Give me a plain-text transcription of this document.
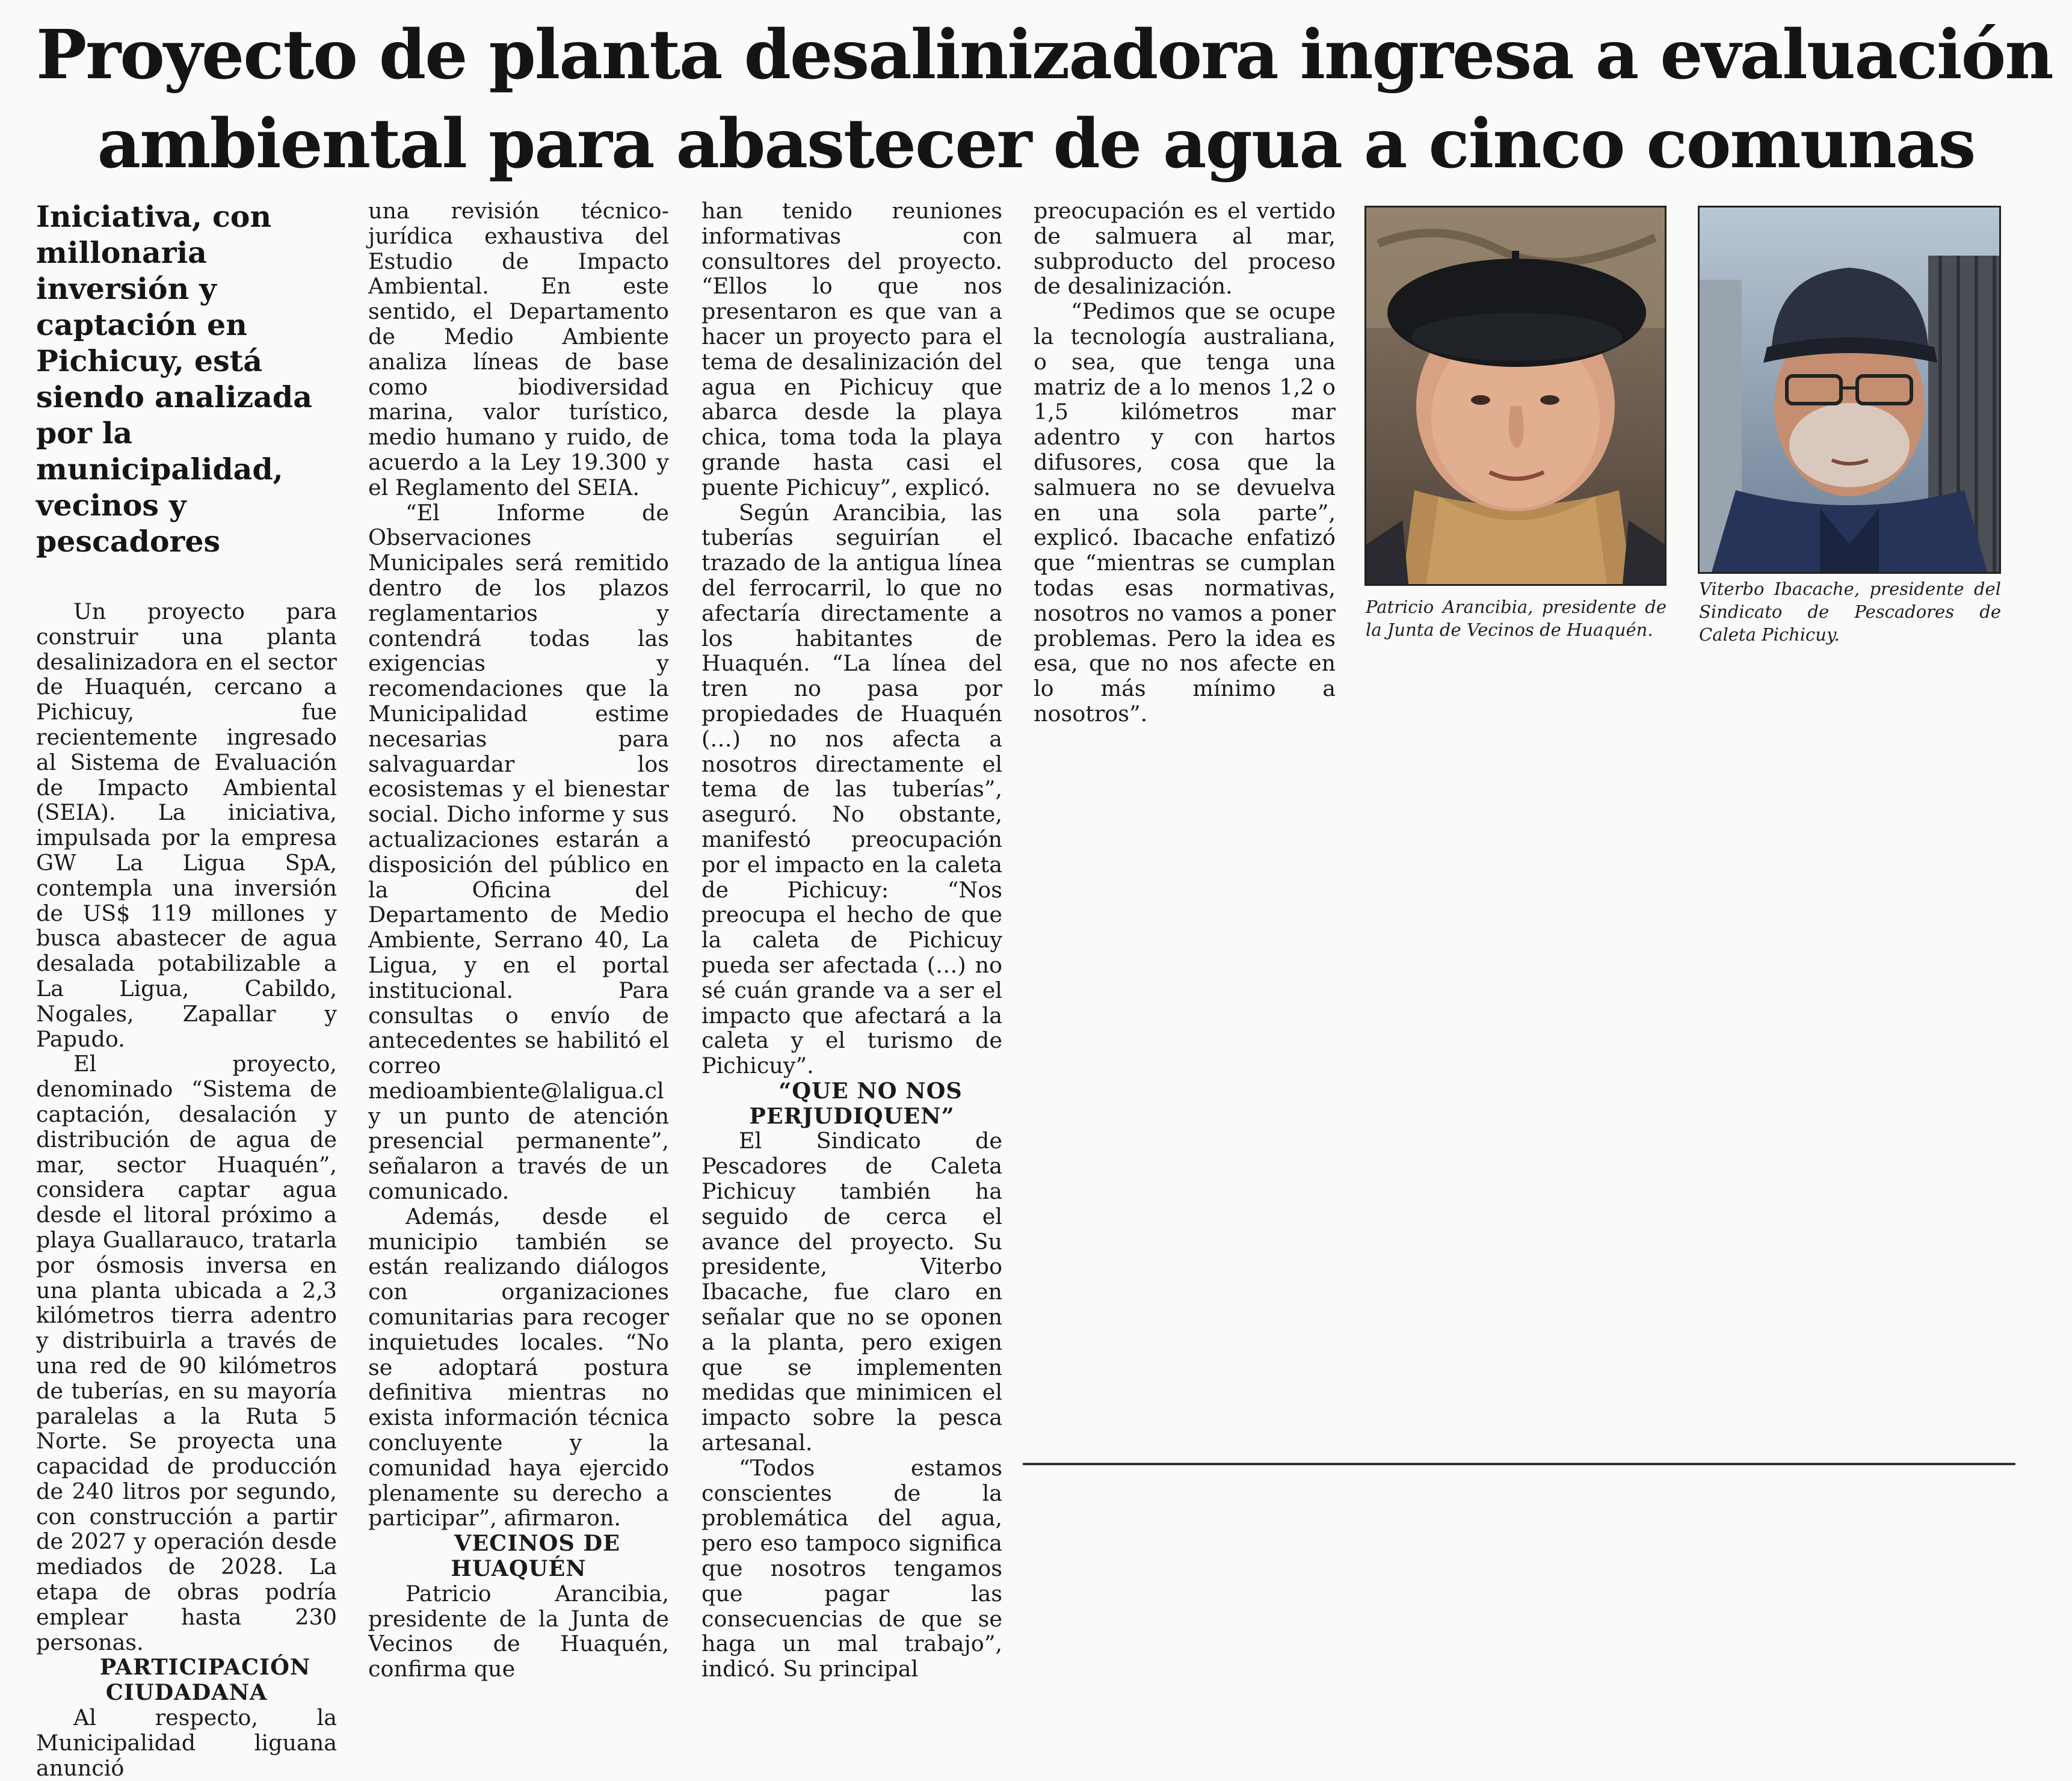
Proyecto de planta desalinizadora ingresa a evaluación
ambiental para abastecer de agua a cinco comunas

Iniciativa, con millonaria inversión y captación en Pichicuy, está siendo analizada por la municipalidad, vecinos y pescadores

Un proyecto para construir una planta desalinizadora en el sector de Huaquén, cercano a Pichicuy, fue recientemente ingresado al Sistema de Evaluación de Impacto Ambiental (SEIA). La iniciativa, impulsada por la empresa GW La Ligua SpA, contempla una inversión de US$ 119 millones y busca abastecer de agua desalada potabilizable a La Ligua, Cabildo, Nogales, Zapallar y Papudo.

El proyecto, denominado “Sistema de captación, desalación y distribución de agua de mar, sector Huaquén”, considera captar agua desde el litoral próximo a playa Guallarauco, tratarla por ósmosis inversa en una planta ubicada a 2,3 kilómetros tierra adentro y distribuirla a través de una red de 90 kilómetros de tuberías, en su mayoría paralelas a la Ruta 5 Norte. Se proyecta una capacidad de producción de 240 litros por segundo, con construcción a partir de 2027 y operación desde mediados de 2028. La etapa de obras podría emplear hasta 230 personas.

PARTICIPACIÓN CIUDADANA

Al respecto, la Municipalidad liguana anunció

una revisión técnico-jurídica exhaustiva del Estudio de Impacto Ambiental. En este sentido, el Departamento de Medio Ambiente analiza líneas de base como biodiversidad marina, valor turístico, medio humano y ruido, de acuerdo a la Ley 19.300 y el Reglamento del SEIA.

“El Informe de Observaciones Municipales será remitido dentro de los plazos reglamentarios y contendrá todas las exigencias y recomendaciones que la Municipalidad estime necesarias para salvaguardar los ecosistemas y el bienestar social. Dicho informe y sus actualizaciones estarán a disposición del público en la Oficina del Departamento de Medio Ambiente, Serrano 40, La Ligua, y en el portal institucional. Para consultas o envío de antecedentes se habilitó el correo medioambiente@laligua.cl y un punto de atención presencial permanente”, señalaron a través de un comunicado.

Además, desde el municipio también se están realizando diálogos con organizaciones comunitarias para recoger inquietudes locales. “No se adoptará postura definitiva mientras no exista información técnica concluyente y la comunidad haya ejercido plenamente su derecho a participar”, afirmaron.

VECINOS DE HUAQUÉN

Patricio Arancibia, presidente de la Junta de Vecinos de Huaquén, confirma que

han tenido reuniones informativas con consultores del proyecto. “Ellos lo que nos presentaron es que van a hacer un proyecto para el tema de desalinización del agua en Pichicuy que abarca desde la playa chica, toma toda la playa grande hasta casi el puente Pichicuy”, explicó.

Según Arancibia, las tuberías seguirían el trazado de la antigua línea del ferrocarril, lo que no afectaría directamente a los habitantes de Huaquén. “La línea del tren no pasa por propiedades de Huaquén (…) no nos afecta a nosotros directamente el tema de las tuberías”, aseguró. No obstante, manifestó preocupación por el impacto en la caleta de Pichicuy: “Nos preocupa el hecho de que la caleta de Pichicuy pueda ser afectada (…) no sé cuán grande va a ser el impacto que afectará a la caleta y el turismo de Pichicuy”.

“QUE NO NOS PERJUDIQUEN”

El Sindicato de Pescadores de Caleta Pichicuy también ha seguido de cerca el avance del proyecto. Su presidente, Viterbo Ibacache, fue claro en señalar que no se oponen a la planta, pero exigen que se implementen medidas que minimicen el impacto sobre la pesca artesanal.

“Todos estamos conscientes de la problemática del agua, pero eso tampoco significa que nosotros tengamos que pagar las consecuencias de que se haga un mal trabajo”, indicó. Su principal

preocupación es el vertido de salmuera al mar, subproducto del proceso de desalinización.

“Pedimos que se ocupe la tecnología australiana, o sea, que tenga una matriz de a lo menos 1,2 o 1,5 kilómetros mar adentro y con hartos difusores, cosa que la salmuera no se devuelva en una sola parte”, explicó. Ibacache enfatizó que “mientras se cumplan todas esas normativas, nosotros no vamos a poner problemas. Pero la idea es esa, que no nos afecte en lo más mínimo a nosotros”.

Patricio Arancibia, presidente de la Junta de Vecinos de Huaquén.
Viterbo Ibacache, presidente del Sindicato de Pescadores de Caleta Pichicuy.
